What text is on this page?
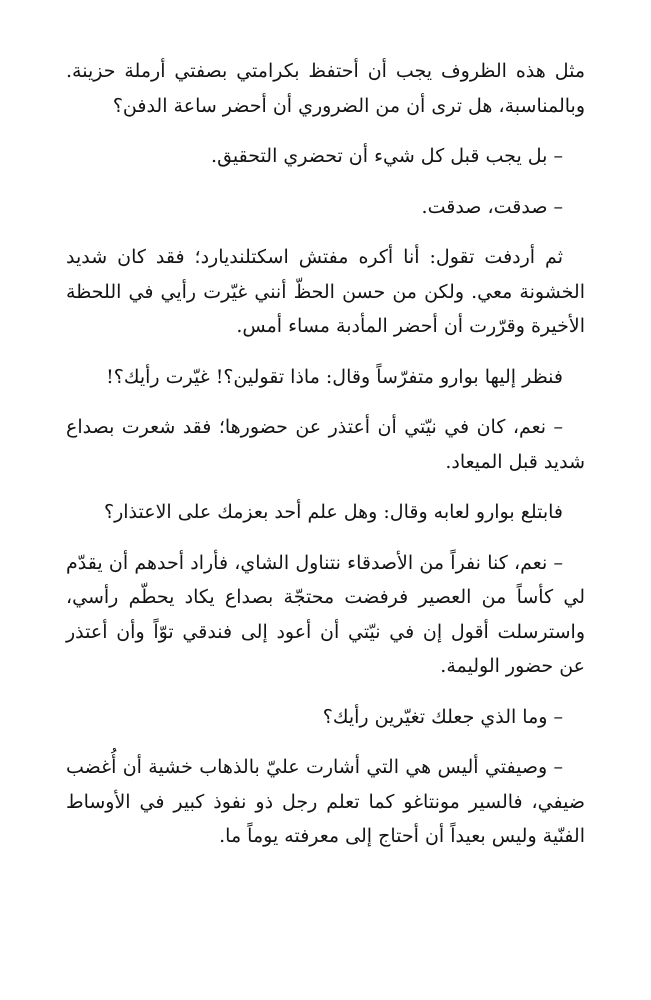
مثل هذه الظروف يجب أن أحتفظ بكرامتي بصفتي أرملة حزينة. وبالمناسبة، هل ترى أن من الضروري أن أحضر ساعة الدفن؟

– بل يجب قبل كل شيء أن تحضري التحقيق.

– صدقت، صدقت.

ثم أردفت تقول: أنا أكره مفتش اسكتلنديارد؛ فقد كان شديد الخشونة معي. ولكن من حسن الحظّ أنني غيّرت رأيي في اللحظة الأخيرة وقرّرت أن أحضر المأدبة مساء أمس.

فنظر إليها بوارو متفرّساً وقال: ماذا تقولين؟! غيّرت رأيك؟!

– نعم، كان في نيّتي أن أعتذر عن حضورها؛ فقد شعرت بصداع شديد قبل الميعاد.

فابتلع بوارو لعابه وقال: وهل علم أحد بعزمك على الاعتذار؟

– نعم، كنا نفراً من الأصدقاء نتناول الشاي، فأراد أحدهم أن يقدّم لي كأساً من العصير فرفضت محتجّة بصداع يكاد يحطّم رأسي، واسترسلت أقول إن في نيّتي أن أعود إلى فندقي توّاً وأن أعتذر عن حضور الوليمة.

– وما الذي جعلك تغيّرين رأيك؟

– وصيفتي أليس هي التي أشارت عليّ بالذهاب خشية أن أُغضب ضيفي، فالسير مونتاغو كما تعلم رجل ذو نفوذ كبير في الأوساط الفنّية وليس بعيداً أن أحتاج إلى معرفته يوماً ما.
